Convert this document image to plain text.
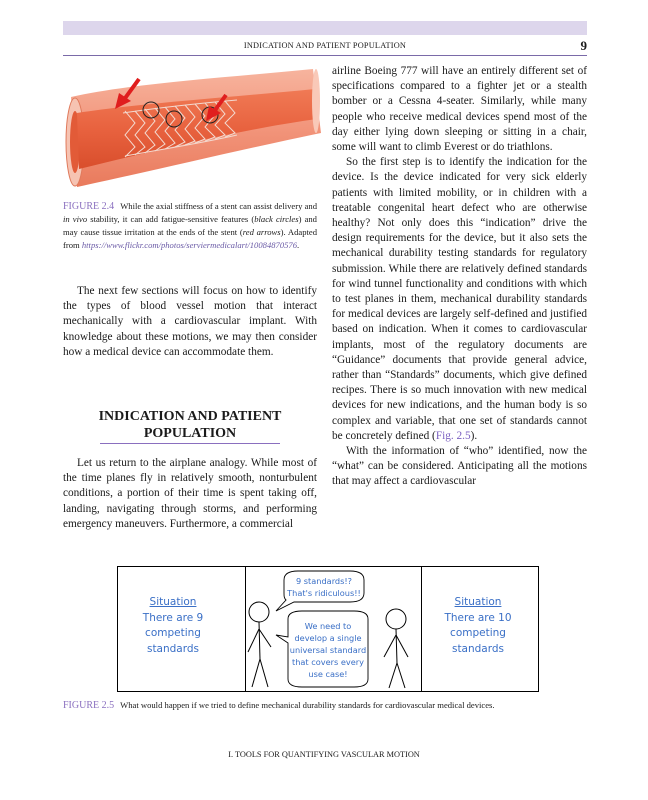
INDICATION AND PATIENT POPULATION	9
FIGURE 2.4 While the axial stiffness of a stent can assist delivery and in vivo stability, it can add fatigue-sensitive features (black circles) and may cause tissue irritation at the ends of the stent (red arrows). Adapted from https://www.flickr.com/photos/serviermedicalart/10084870576.

The next few sections will focus on how to identify the types of blood vessel motion that interact mechanically with a cardiovascular implant. With knowledge about these motions, we may then consider how a medical device can accommodate them.

INDICATION AND PATIENT
POPULATION

Let us return to the airplane analogy. While most of the time planes fly in relatively smooth, nonturbulent conditions, a portion of their time is spent taking off, landing, navigating through storms, and performing emergency maneuvers. Furthermore, a commercial

airline Boeing 777 will have an entirely different set of specifications compared to a fighter jet or a stealth bomber or a Cessna 4-seater. Similarly, while many people who receive medical devices spend most of the day either lying down sleeping or sitting in a chair, some will want to climb Everest or do triathlons.

So the first step is to identify the indication for the device. Is the device indicated for very sick elderly patients with limited mobility, or in children with a treatable congenital heart defect who are otherwise healthy? Not only does this “indication” drive the design requirements for the device, but it also sets the mechanical durability testing standards for regulatory submission. While there are relatively defined standards for wind tunnel functionality and conditions with which to test planes in them, mechanical durability standards for medical devices are largely self-defined and justified based on indication. When it comes to cardiovascular implants, most of the regulatory documents are “Guidance” documents that provide general advice, rather than “Standards” documents, which give defined recipes. There is so much innovation with new medical devices for new indications, and the human body is so complex and variable, that one set of standards cannot be concretely defined (Fig. 2.5).

With the information of “who” identified, now the “what” can be considered. Anticipating all the motions that may affect a cardiovascular

Situation
There are 9
competing
standards
Situation
There are 10
competing
standards
9 standards!?
That's ridiculous!!
We need to
develop a single
universal standard
that covers every
use case!
FIGURE 2.5 What would happen if we tried to define mechanical durability standards for cardiovascular medical devices.
I. TOOLS FOR QUANTIFYING VASCULAR MOTION
